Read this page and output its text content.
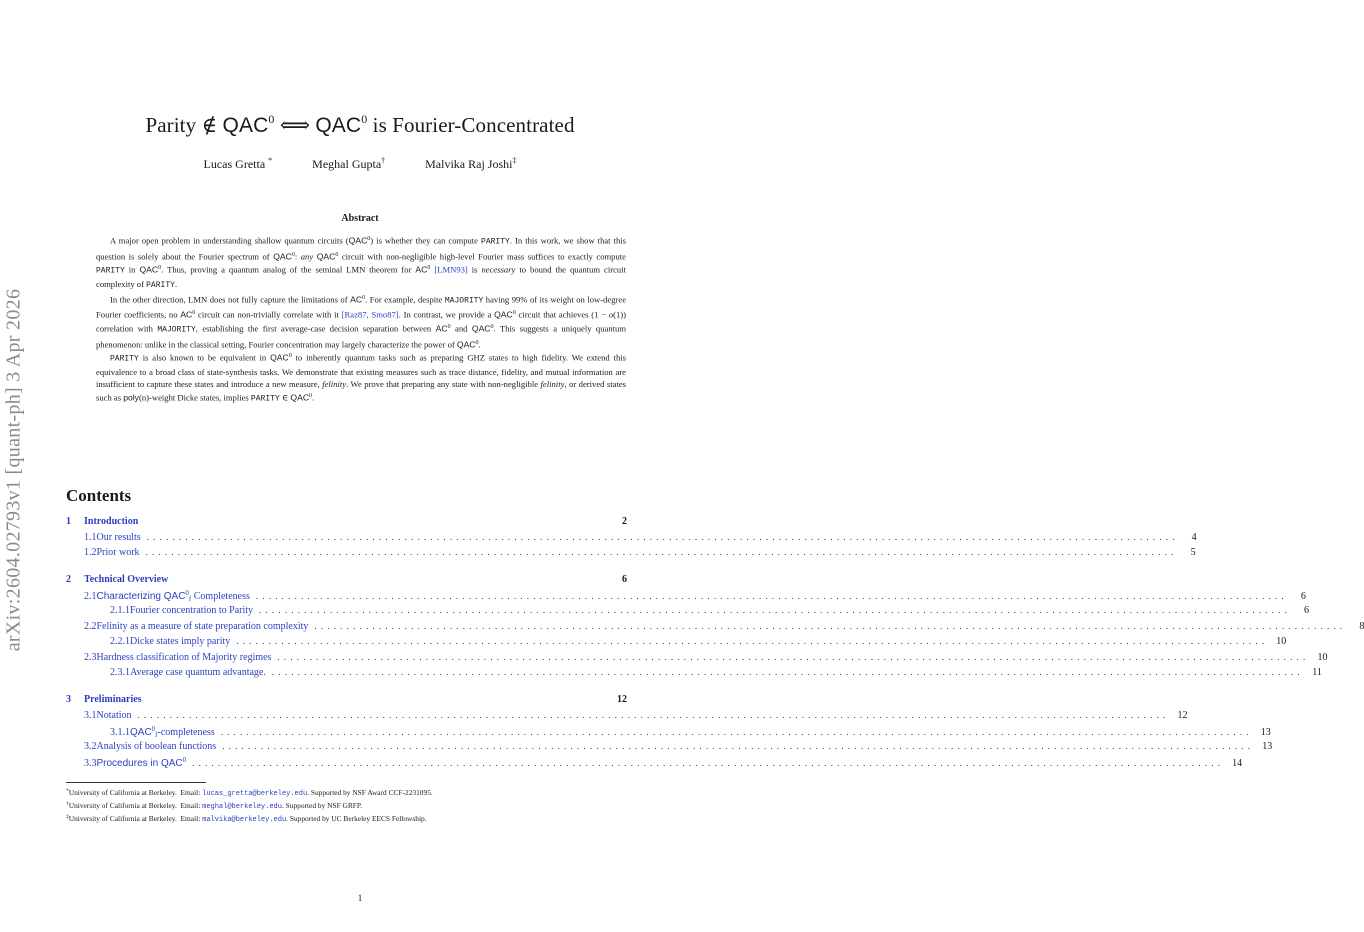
arXiv:2604.02793v1 [quant-ph] 3 Apr 2026
Parity ∉ QAC$^0$ ⟺ QAC$^0$ is Fourier-Concentrated
Lucas Gretta *	Meghal Gupta†	Malvika Raj Joshi‡
Abstract

A major open problem in understanding shallow quantum circuits (QAC$^0$) is whether they can compute PARITY. In this work, we show that this question is solely about the Fourier spectrum of QAC$^0$: any QAC$^0$ circuit with non-negligible high-level Fourier mass suffices to exactly compute PARITY in QAC$^0$. Thus, proving a quantum analog of the seminal LMN theorem for $AC^0$ [LMN93] is necessary to bound the quantum circuit complexity of PARITY.

In the other direction, LMN does not fully capture the limitations of $AC^0$. For example, despite MAJORITY having 99% of its weight on low-degree Fourier coefficients, no $AC^0$ circuit can non-trivially correlate with it [Raz87, Smo87]. In contrast, we provide a QAC$^0$ circuit that achieves (1 − o(1)) correlation with MAJORITY, establishing the first average-case decision separation between $AC^0$ and QAC$^0$. This suggests a uniquely quantum phenomenon: unlike in the classical setting, Fourier concentration may largely characterize the power of QAC$^0$.

PARITY is also known to be equivalent in QAC$^0$ to inherently quantum tasks such as preparing GHZ states to high fidelity. We extend this equivalence to a broad class of state-synthesis tasks. We demonstrate that existing measures such as trace distance, fidelity, and mutual information are insufficient to capture these states and introduce a new measure, felinity. We prove that preparing any state with non-negligible felinity, or derived states such as poly(n)-weight Dicke states, implies PARITY ∈ QAC$^0$.

Contents
1	Introduction	2
1.1 Our results ................................................................................................................................................................	4
1.2 Prior work ................................................................................................................................................................	5
2	Technical Overview	6
2.1 Characterizing $QAC^0_f$ Completeness ................................................................................................................................................................	6
2.1.1 Fourier concentration to Parity ................................................................................................................................................................	6
2.2 Felinity as a measure of state preparation complexity ................................................................................................................................................................	8
2.2.1 Dicke states imply parity ................................................................................................................................................................ 10
2.3 Hardness classification of Majority regimes ................................................................................................................................................................ 10
2.3.1 Average case quantum advantage. ................................................................................................................................................................ 11
3	Preliminaries	12
3.1 Notation ................................................................................................................................................................ 12
3.1.1 $QAC^0_f$-completeness ................................................................................................................................................................ 13
3.2 Analysis of boolean functions ................................................................................................................................................................ 13
3.3 Procedures in QAC$^0$ ................................................................................................................................................................ 14
*University of California at Berkeley. Email: lucas_gretta@berkeley.edu. Supported by NSF Award CCF-2231095.
†University of California at Berkeley. Email: meghal@berkeley.edu. Supported by NSF GRFP.
‡University of California at Berkeley. Email: malvika@berkeley.edu. Supported by UC Berkeley EECS Fellowship.
1
